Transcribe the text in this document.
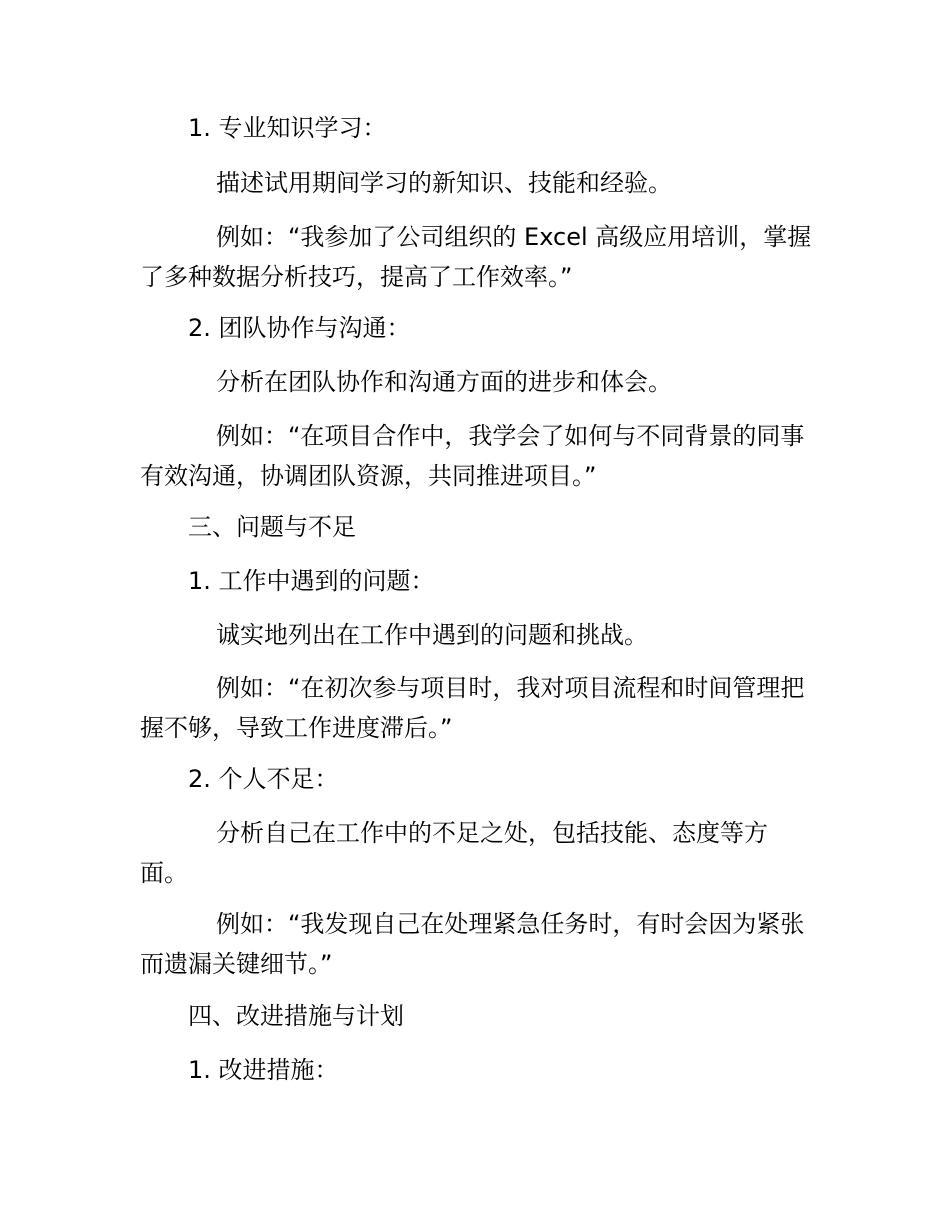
1. 专业知识学习：

描述试用期间学习的新知识、技能和经验。

例如：“我参加了公司组织的 Excel 高级应用培训，掌握了多种数据分析技巧，提高了工作效率。”

2. 团队协作与沟通：

分析在团队协作和沟通方面的进步和体会。

例如：“在项目合作中，我学会了如何与不同背景的同事有效沟通，协调团队资源，共同推进项目。”

三、问题与不足

1. 工作中遇到的问题：

诚实地列出在工作中遇到的问题和挑战。

例如：“在初次参与项目时，我对项目流程和时间管理把握不够，导致工作进度滞后。”

2. 个人不足：

分析自己在工作中的不足之处，包括技能、态度等方面。

例如：“我发现自己在处理紧急任务时，有时会因为紧张而遗漏关键细节。”

四、改进措施与计划

1. 改进措施：
